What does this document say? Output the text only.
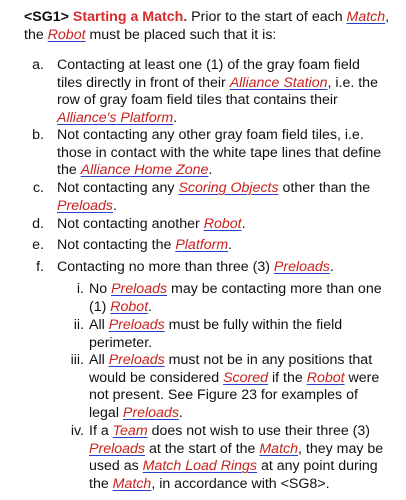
<SG1> Starting a Match. Prior to the start of each Match, the Robot must be placed such that it is:
a. Contacting at least one (1) of the gray foam field tiles directly in front of their Alliance Station, i.e. the row of gray foam field tiles that contains their Alliance's Platform.
b. Not contacting any other gray foam field tiles, i.e. those in contact with the white tape lines that define the Alliance Home Zone.
c. Not contacting any Scoring Objects other than the Preloads.
d. Not contacting another Robot.
e. Not contacting the Platform.
f. Contacting no more than three (3) Preloads.
i. No Preloads may be contacting more than one (1) Robot.
ii. All Preloads must be fully within the field perimeter.
iii. All Preloads must not be in any positions that would be considered Scored if the Robot were not present. See Figure 23 for examples of legal Preloads.
iv. If a Team does not wish to use their three (3) Preloads at the start of the Match, they may be used as Match Load Rings at any point during the Match, in accordance with <SG8>.
